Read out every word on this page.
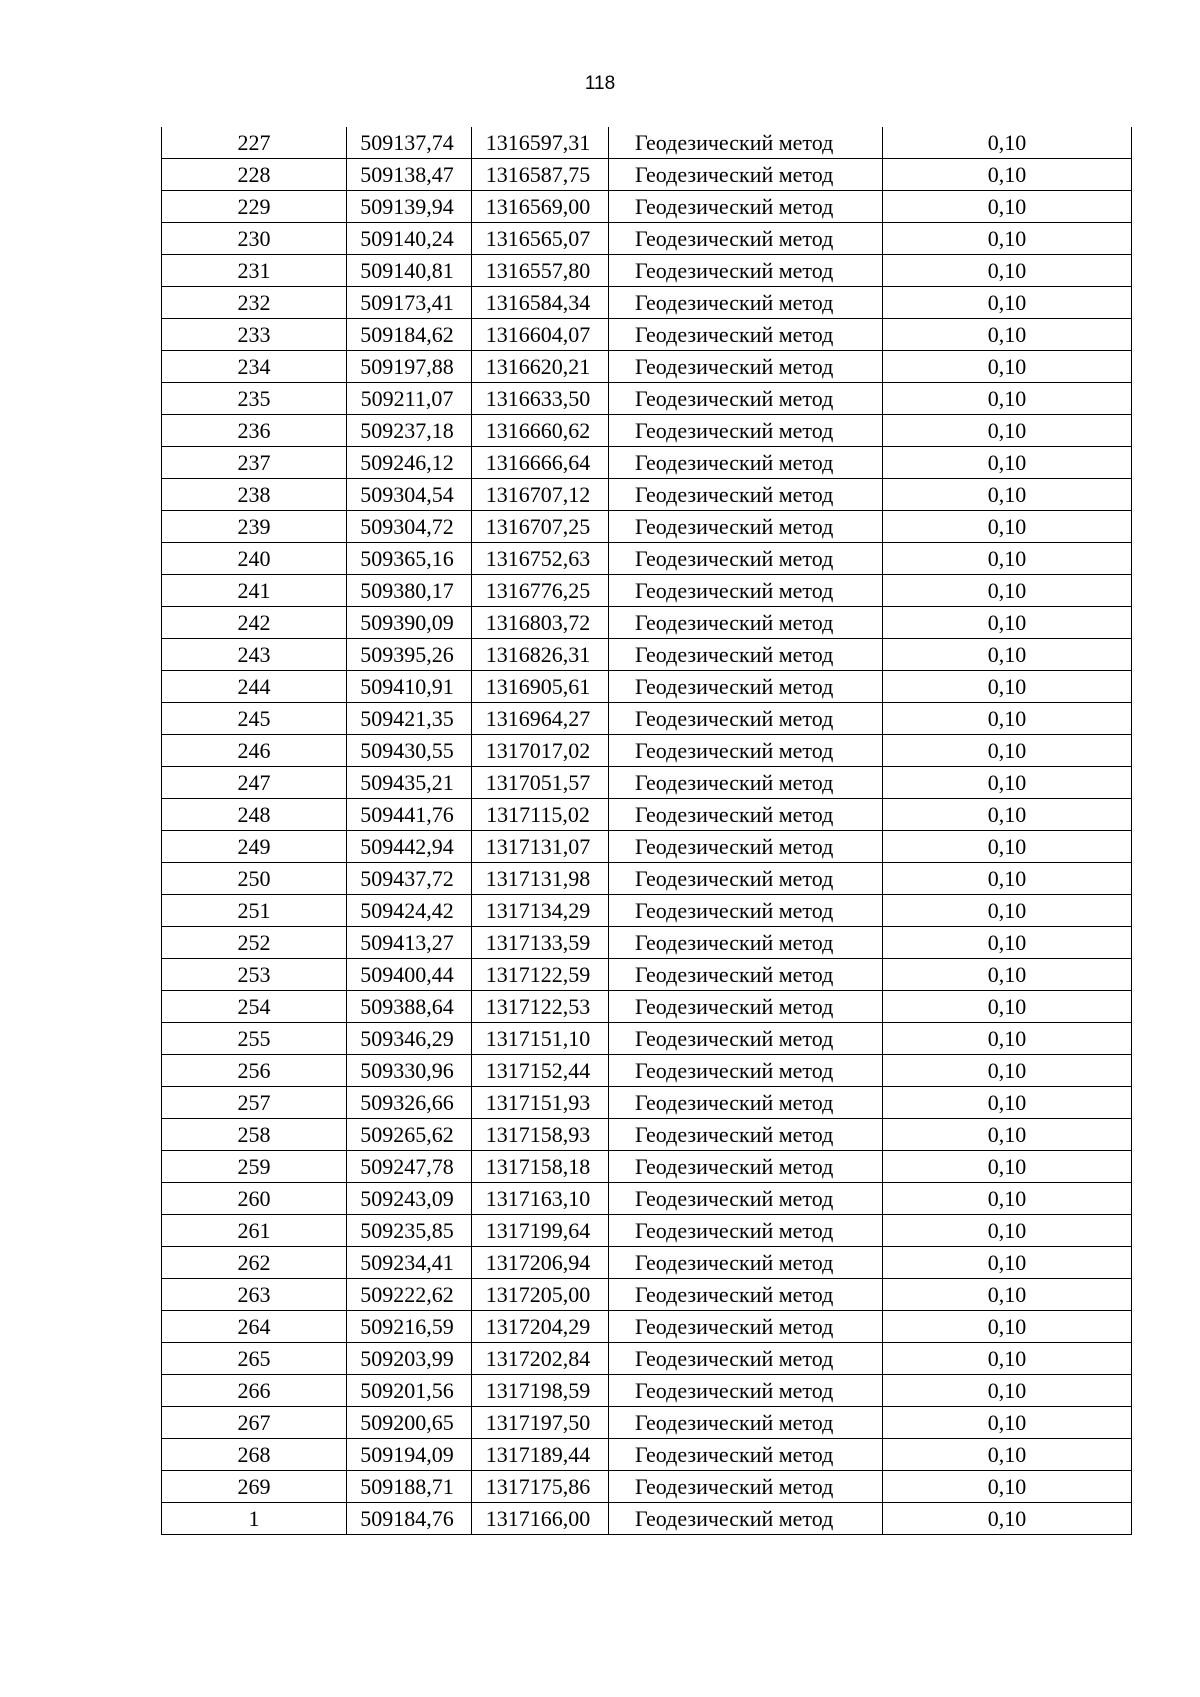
118
227	509137,74	1316597,31	Геодезический метод	0,10
228	509138,47	1316587,75	Геодезический метод	0,10
229	509139,94	1316569,00	Геодезический метод	0,10
230	509140,24	1316565,07	Геодезический метод	0,10
231	509140,81	1316557,80	Геодезический метод	0,10
232	509173,41	1316584,34	Геодезический метод	0,10
233	509184,62	1316604,07	Геодезический метод	0,10
234	509197,88	1316620,21	Геодезический метод	0,10
235	509211,07	1316633,50	Геодезический метод	0,10
236	509237,18	1316660,62	Геодезический метод	0,10
237	509246,12	1316666,64	Геодезический метод	0,10
238	509304,54	1316707,12	Геодезический метод	0,10
239	509304,72	1316707,25	Геодезический метод	0,10
240	509365,16	1316752,63	Геодезический метод	0,10
241	509380,17	1316776,25	Геодезический метод	0,10
242	509390,09	1316803,72	Геодезический метод	0,10
243	509395,26	1316826,31	Геодезический метод	0,10
244	509410,91	1316905,61	Геодезический метод	0,10
245	509421,35	1316964,27	Геодезический метод	0,10
246	509430,55	1317017,02	Геодезический метод	0,10
247	509435,21	1317051,57	Геодезический метод	0,10
248	509441,76	1317115,02	Геодезический метод	0,10
249	509442,94	1317131,07	Геодезический метод	0,10
250	509437,72	1317131,98	Геодезический метод	0,10
251	509424,42	1317134,29	Геодезический метод	0,10
252	509413,27	1317133,59	Геодезический метод	0,10
253	509400,44	1317122,59	Геодезический метод	0,10
254	509388,64	1317122,53	Геодезический метод	0,10
255	509346,29	1317151,10	Геодезический метод	0,10
256	509330,96	1317152,44	Геодезический метод	0,10
257	509326,66	1317151,93	Геодезический метод	0,10
258	509265,62	1317158,93	Геодезический метод	0,10
259	509247,78	1317158,18	Геодезический метод	0,10
260	509243,09	1317163,10	Геодезический метод	0,10
261	509235,85	1317199,64	Геодезический метод	0,10
262	509234,41	1317206,94	Геодезический метод	0,10
263	509222,62	1317205,00	Геодезический метод	0,10
264	509216,59	1317204,29	Геодезический метод	0,10
265	509203,99	1317202,84	Геодезический метод	0,10
266	509201,56	1317198,59	Геодезический метод	0,10
267	509200,65	1317197,50	Геодезический метод	0,10
268	509194,09	1317189,44	Геодезический метод	0,10
269	509188,71	1317175,86	Геодезический метод	0,10
1	509184,76	1317166,00	Геодезический метод	0,10
